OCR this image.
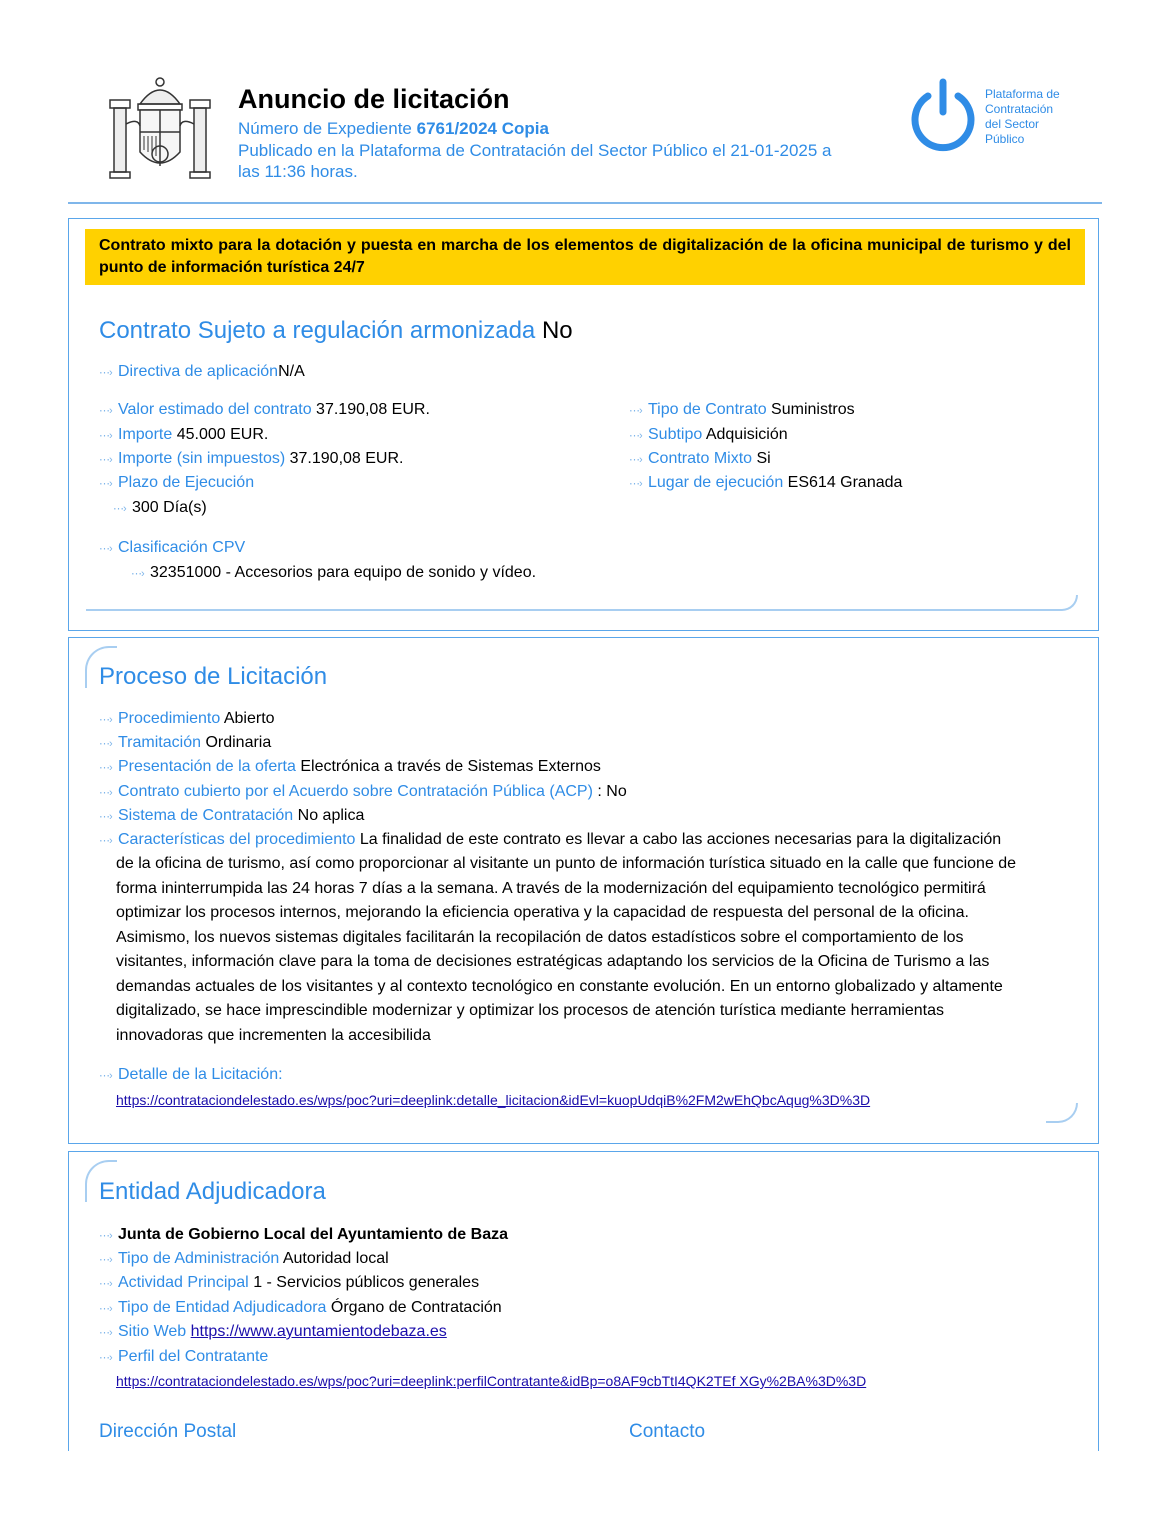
Anuncio de licitación
Número de Expediente 6761/2024 Copia
Publicado en la Plataforma de Contratación del Sector Público el 21-01-2025 a
las 11:36 horas.
Plataforma de
Contratación
del Sector
Público
Contrato mixto para la dotación y puesta en marcha de los elementos de digitalización de la oficina municipal de turismo y del punto de información turística 24/7
Contrato Sujeto a regulación armonizada No
⋯› Directiva de aplicaciónN/A
⋯› Valor estimado del contrato 37.190,08 EUR.
⋯› Importe 45.000 EUR.
⋯› Importe (sin impuestos) 37.190,08 EUR.
⋯› Plazo de Ejecución
⋯› 300 Día(s)
⋯› Tipo de Contrato Suministros
⋯› Subtipo Adquisición
⋯› Contrato Mixto Si
⋯› Lugar de ejecución ES614 Granada
⋯› Clasificación CPV
⋯› 32351000 - Accesorios para equipo de sonido y vídeo.
Proceso de Licitación
⋯› Procedimiento Abierto
⋯› Tramitación Ordinaria
⋯› Presentación de la oferta Electrónica a través de Sistemas Externos
⋯› Contrato cubierto por el Acuerdo sobre Contratación Pública (ACP) : No
⋯› Sistema de Contratación No aplica
⋯› Características del procedimiento La finalidad de este contrato es llevar a cabo las acciones necesarias para la digitalización
de la oficina de turismo, así como proporcionar al visitante un punto de información turística situado en la calle que funcione de
forma ininterrumpida las 24 horas 7 días a la semana. A través de la modernización del equipamiento tecnológico permitirá
optimizar los procesos internos, mejorando la eficiencia operativa y la capacidad de respuesta del personal de la oficina.
Asimismo, los nuevos sistemas digitales facilitarán la recopilación de datos estadísticos sobre el comportamiento de los
visitantes, información clave para la toma de decisiones estratégicas adaptando los servicios de la Oficina de Turismo a las
demandas actuales de los visitantes y al contexto tecnológico en constante evolución. En un entorno globalizado y altamente
digitalizado, se hace imprescindible modernizar y optimizar los procesos de atención turística mediante herramientas
innovadoras que incrementen la accesibilida
⋯› Detalle de la Licitación:
https://contrataciondelestado.es/wps/poc?uri=deeplink:detalle_licitacion&idEvl=kuopUdqiB%2FM2wEhQbcAqug%3D%3D
Entidad Adjudicadora
⋯› Junta de Gobierno Local del Ayuntamiento de Baza
⋯› Tipo de Administración Autoridad local
⋯› Actividad Principal 1 - Servicios públicos generales
⋯› Tipo de Entidad Adjudicadora Órgano de Contratación
⋯› Sitio Web https://www.ayuntamientodebaza.es
⋯› Perfil del Contratante
https://contrataciondelestado.es/wps/poc?uri=deeplink:perfilContratante&idBp=o8AF9cbTtI4QK2TEf XGy%2BA%3D%3D
Dirección Postal	Contacto
